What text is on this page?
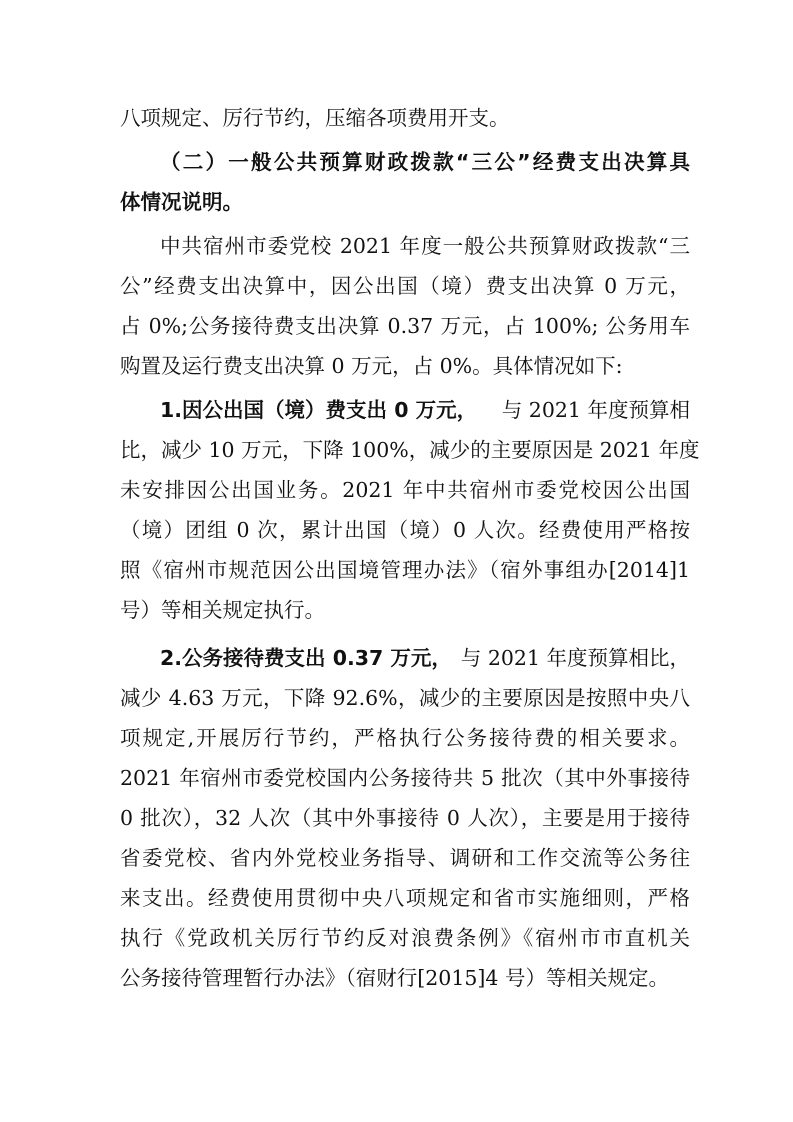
八项规定、厉行节约，压缩各项费用开支。
（二）一般公共预算财政拨款“三公”经费支出决算具
体情况说明。
中共宿州市委党校 2021 年度一般公共预算财政拨款“三
公”经费支出决算中，因公出国（境）费支出决算 0 万元，
占 0%;公务接待费支出决算 0.37 万元，占 100%; 公务用车
购置及运行费支出决算 0 万元，占 0%。具体情况如下:
1.因公出国（境）费支出 0 万元， 与 2021 年度预算相
比，减少 10 万元，下降 100%，减少的主要原因是 2021 年度
未安排因公出国业务。2021 年中共宿州市委党校因公出国
（境）团组 0 次，累计出国（境）0 人次。经费使用严格按
照《宿州市规范因公出国境管理办法》（宿外事组办[2014]1
号）等相关规定执行。
2.公务接待费支出 0.37 万元， 与 2021 年度预算相比，
减少 4.63 万元，下降 92.6%，减少的主要原因是按照中央八
项规定,开展厉行节约，严格执行公务接待费的相关要求。
2021 年宿州市委党校国内公务接待共 5 批次（其中外事接待
0 批次），32 人次（其中外事接待 0 人次），主要是用于接待
省委党校、省内外党校业务指导、调研和工作交流等公务往
来支出。经费使用贯彻中央八项规定和省市实施细则，严格
执行《党政机关厉行节约反对浪费条例》《宿州市市直机关
公务接待管理暂行办法》（宿财行[2015]4 号）等相关规定。
